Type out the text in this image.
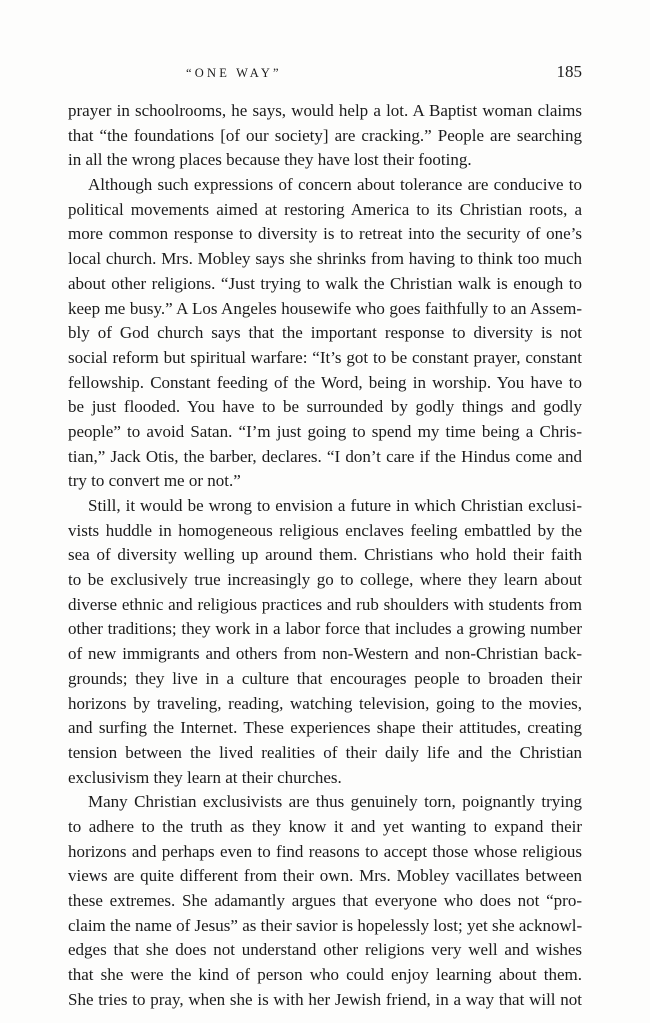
“ONE WAY”	185
prayer in schoolrooms, he says, would help a lot. A Baptist woman claims
that “the foundations [of our society] are cracking.” People are searching
in all the wrong places because they have lost their footing.
Although such expressions of concern about tolerance are conducive to
political movements aimed at restoring America to its Christian roots, a
more common response to diversity is to retreat into the security of one’s
local church. Mrs. Mobley says she shrinks from having to think too much
about other religions. “Just trying to walk the Christian walk is enough to
keep me busy.” A Los Angeles housewife who goes faithfully to an Assem-
bly of God church says that the important response to diversity is not
social reform but spiritual warfare: “It’s got to be constant prayer, constant
fellowship. Constant feeding of the Word, being in worship. You have to
be just flooded. You have to be surrounded by godly things and godly
people” to avoid Satan. “I’m just going to spend my time being a Chris-
tian,” Jack Otis, the barber, declares. “I don’t care if the Hindus come and
try to convert me or not.”
Still, it would be wrong to envision a future in which Christian exclusi-
vists huddle in homogeneous religious enclaves feeling embattled by the
sea of diversity welling up around them. Christians who hold their faith
to be exclusively true increasingly go to college, where they learn about
diverse ethnic and religious practices and rub shoulders with students from
other traditions; they work in a labor force that includes a growing number
of new immigrants and others from non-Western and non-Christian back-
grounds; they live in a culture that encourages people to broaden their
horizons by traveling, reading, watching television, going to the movies,
and surfing the Internet. These experiences shape their attitudes, creating
tension between the lived realities of their daily life and the Christian
exclusivism they learn at their churches.
Many Christian exclusivists are thus genuinely torn, poignantly trying
to adhere to the truth as they know it and yet wanting to expand their
horizons and perhaps even to find reasons to accept those whose religious
views are quite different from their own. Mrs. Mobley vacillates between
these extremes. She adamantly argues that everyone who does not “pro-
claim the name of Jesus” as their savior is hopelessly lost; yet she acknowl-
edges that she does not understand other religions very well and wishes
that she were the kind of person who could enjoy learning about them.
She tries to pray, when she is with her Jewish friend, in a way that will not
